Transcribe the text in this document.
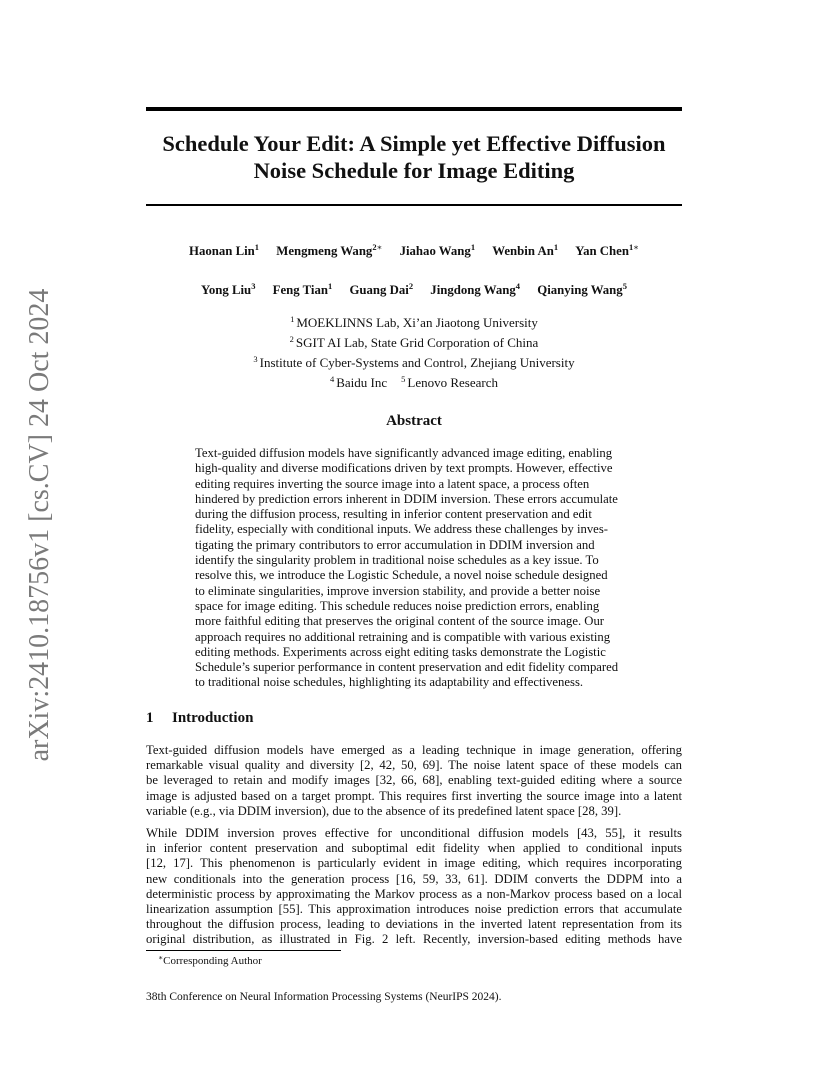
arXiv:2410.18756v1 [cs.CV] 24 Oct 2024
Schedule Your Edit: A Simple yet Effective Diffusion
Noise Schedule for Image Editing
Haonan Lin$^1$ Mengmeng Wang$^{2∗}$ Jiahao Wang$^1$ Wenbin An$^1$ Yan Chen$^{1∗}$
Yong Liu$^3$ Feng Tian$^1$ Guang Dai$^2$ Jingdong Wang$^4$ Qianying Wang$^5$
$^1$ MOEKLINNS Lab, Xi’an Jiaotong University
$^2$ SGIT AI Lab, State Grid Corporation of China
$^3$ Institute of Cyber-Systems and Control, Zhejiang University
$^4$ Baidu Inc $^5$ Lenovo Research
Abstract
Text-guided diffusion models have significantly advanced image editing, enabling
high-quality and diverse modifications driven by text prompts. However, effective
editing requires inverting the source image into a latent space, a process often
hindered by prediction errors inherent in DDIM inversion. These errors accumulate
during the diffusion process, resulting in inferior content preservation and edit
fidelity, especially with conditional inputs. We address these challenges by inves-
tigating the primary contributors to error accumulation in DDIM inversion and
identify the singularity problem in traditional noise schedules as a key issue. To
resolve this, we introduce the Logistic Schedule, a novel noise schedule designed
to eliminate singularities, improve inversion stability, and provide a better noise
space for image editing. This schedule reduces noise prediction errors, enabling
more faithful editing that preserves the original content of the source image. Our
approach requires no additional retraining and is compatible with various existing
editing methods. Experiments across eight editing tasks demonstrate the Logistic
Schedule’s superior performance in content preservation and edit fidelity compared
to traditional noise schedules, highlighting its adaptability and effectiveness.
1 Introduction
Text-guided diffusion models have emerged as a leading technique in image generation, offering
remarkable visual quality and diversity [2, 42, 50, 69]. The noise latent space of these models can
be leveraged to retain and modify images [32, 66, 68], enabling text-guided editing where a source
image is adjusted based on a target prompt. This requires first inverting the source image into a latent
variable (e.g., via DDIM inversion), due to the absence of its predefined latent space [28, 39].
While DDIM inversion proves effective for unconditional diffusion models [43, 55], it results
in inferior content preservation and suboptimal edit fidelity when applied to conditional inputs
[12, 17]. This phenomenon is particularly evident in image editing, which requires incorporating
new conditionals into the generation process [16, 59, 33, 61]. DDIM converts the DDPM into a
deterministic process by approximating the Markov process as a non-Markov process based on a local
linearization assumption [55]. This approximation introduces noise prediction errors that accumulate
throughout the diffusion process, leading to deviations in the inverted latent representation from its
original distribution, as illustrated in Fig. 2 left. Recently, inversion-based editing methods have
∗Corresponding Author
38th Conference on Neural Information Processing Systems (NeurIPS 2024).
